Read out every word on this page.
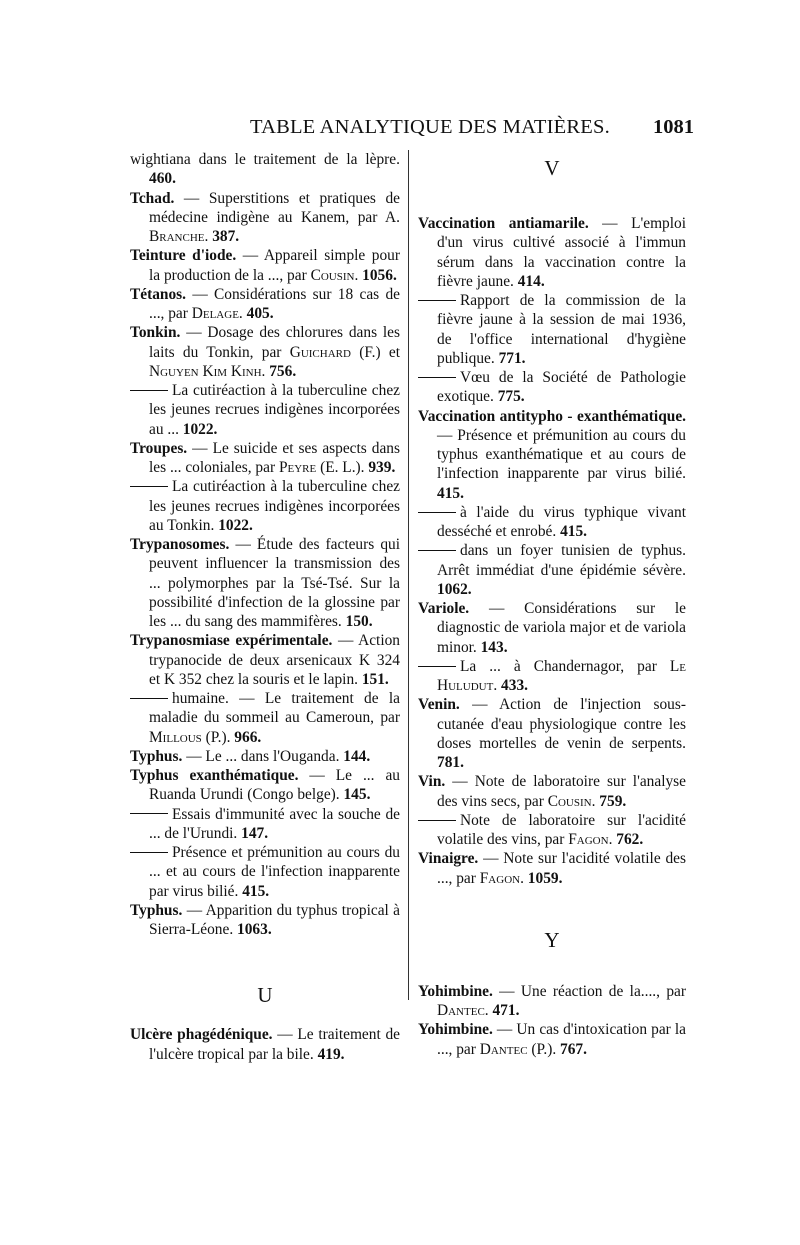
TABLE ANALYTIQUE DES MATIÈRES. 1081

wightiana dans le traitement de la lèpre. 460.

Tchad. — Superstitions et pratiques de médecine indigène au Kanem, par A. Branche. 387.

Teinture d'iode. — Appareil simple pour la production de la ..., par Cousin. 1056.

Tétanos. — Considérations sur 18 cas de ..., par Delage. 405.

Tonkin. — Dosage des chlorures dans les laits du Tonkin, par Guichard (F.) et Nguyen Kim Kinh. 756.

La cutiréaction à la tuberculine chez les jeunes recrues indigènes incorporées au ... 1022.

Troupes. — Le suicide et ses aspects dans les ... coloniales, par Peyre (E. L.). 939.

La cutiréaction à la tuberculine chez les jeunes recrues indigènes incorporées au Tonkin. 1022.

Trypanosomes. — Étude des facteurs qui peuvent influencer la transmission des ... polymorphes par la Tsé-Tsé. Sur la possibilité d'infection de la glossine par les ... du sang des mammifères. 150.

Trypanosmiase expérimentale. — Action trypanocide de deux arsenicaux K 324 et K 352 chez la souris et le lapin. 151.

humaine. — Le traitement de la maladie du sommeil au Cameroun, par Millous (P.). 966.

Typhus. — Le ... dans l'Ouganda. 144.

Typhus exanthématique. — Le ... au Ruanda Urundi (Congo belge). 145.

Essais d'immunité avec la souche de ... de l'Urundi. 147.

Présence et prémunition au cours du ... et au cours de l'infection inapparente par virus bilié. 415.

Typhus. — Apparition du typhus tropical à Sierra-Léone. 1063.

U

Ulcère phagédénique. — Le traitement de l'ulcère tropical par la bile. 419.

V

Vaccination antiamarile. — L'emploi d'un virus cultivé associé à l'immun sérum dans la vaccination contre la fièvre jaune. 414.

Rapport de la commission de la fièvre jaune à la session de mai 1936, de l'office international d'hygiène publique. 771.

Vœu de la Société de Pathologie exotique. 775.

Vaccination antitypho - exanthématique. — Présence et prémunition au cours du typhus exanthématique et au cours de l'infection inapparente par virus bilié. 415.

à l'aide du virus typhique vivant desséché et enrobé. 415.

dans un foyer tunisien de typhus. Arrêt immédiat d'une épidémie sévère. 1062.

Variole. — Considérations sur le diagnostic de variola major et de variola minor. 143.

La ... à Chandernagor, par Le Huludut. 433.

Venin. — Action de l'injection sous-cutanée d'eau physiologique contre les doses mortelles de venin de serpents. 781.

Vin. — Note de laboratoire sur l'analyse des vins secs, par Cousin. 759.

Note de laboratoire sur l'acidité volatile des vins, par Fagon. 762.

Vinaigre. — Note sur l'acidité volatile des ..., par Fagon. 1059.

Y

Yohimbine. — Une réaction de la...., par Dantec. 471.

Yohimbine. — Un cas d'intoxication par la ..., par Dantec (P.). 767.
